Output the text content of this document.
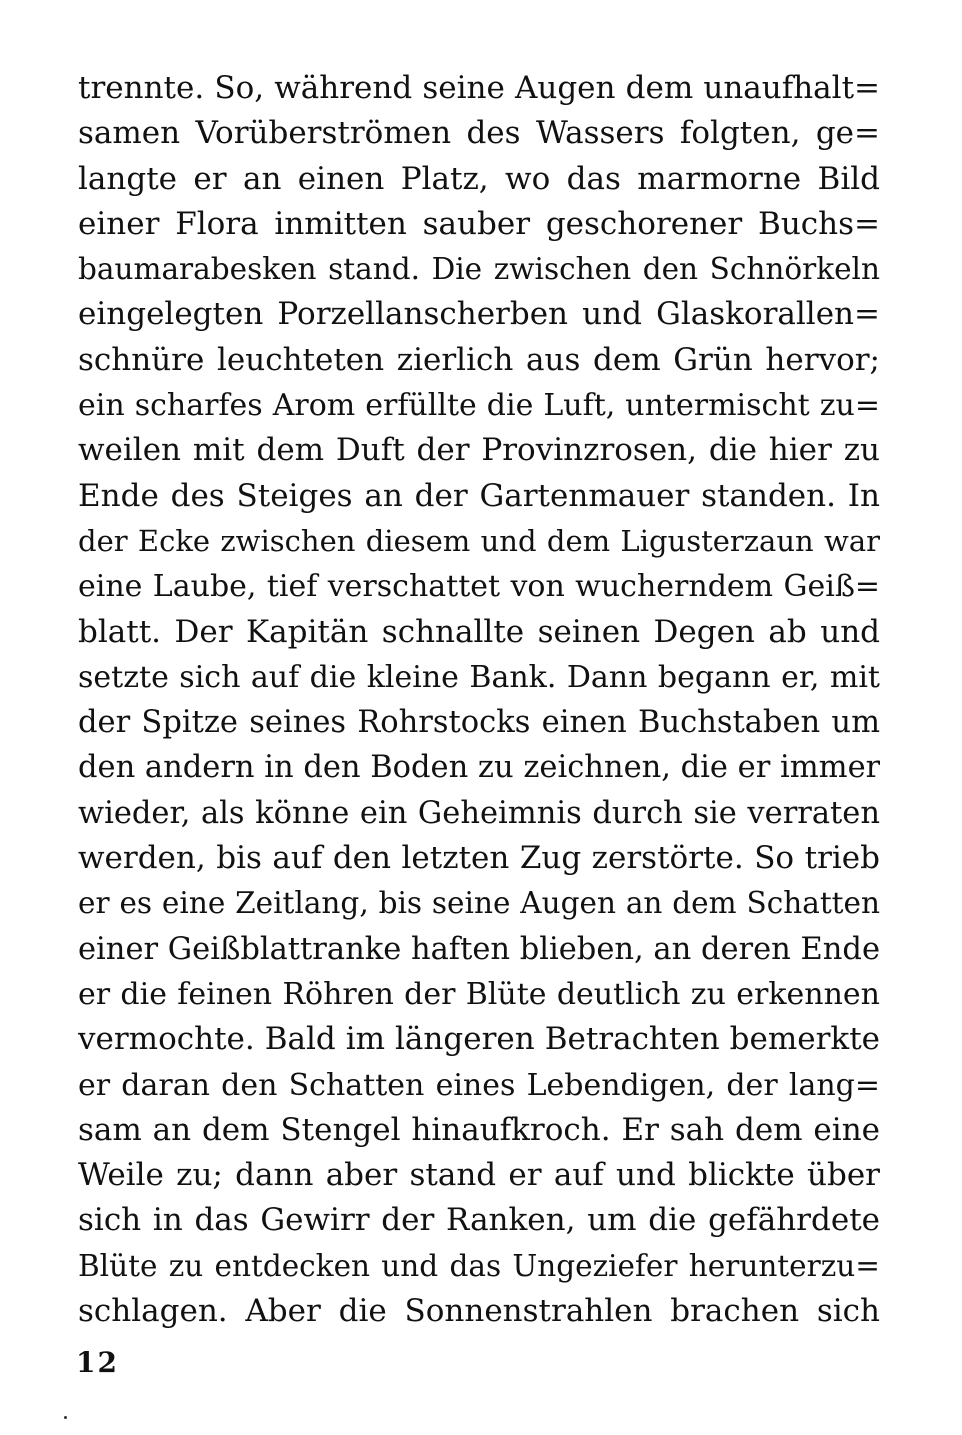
trennte. So, während seine Augen dem unaufhalt=
samen Vorüberströmen des Wassers folgten, ge=
langte er an einen Platz, wo das marmorne Bild
einer Flora inmitten sauber geschorener Buchs=
baumarabesken stand. Die zwischen den Schnörkeln
eingelegten Porzellanscherben und Glaskorallen=
schnüre leuchteten zierlich aus dem Grün hervor;
ein scharfes Arom erfüllte die Luft, untermischt zu=
weilen mit dem Duft der Provinzrosen, die hier zu
Ende des Steiges an der Gartenmauer standen. In
der Ecke zwischen diesem und dem Ligusterzaun war
eine Laube, tief verschattet von wucherndem Geiß=
blatt. Der Kapitän schnallte seinen Degen ab und
setzte sich auf die kleine Bank. Dann begann er, mit
der Spitze seines Rohrstocks einen Buchstaben um
den andern in den Boden zu zeichnen, die er immer
wieder, als könne ein Geheimnis durch sie verraten
werden, bis auf den letzten Zug zerstörte. So trieb
er es eine Zeitlang, bis seine Augen an dem Schatten
einer Geißblattranke haften blieben, an deren Ende
er die feinen Röhren der Blüte deutlich zu erkennen
vermochte. Bald im längeren Betrachten bemerkte
er daran den Schatten eines Lebendigen, der lang=
sam an dem Stengel hinaufkroch. Er sah dem eine
Weile zu; dann aber stand er auf und blickte über
sich in das Gewirr der Ranken, um die gefährdete
Blüte zu entdecken und das Ungeziefer herunterzu=
schlagen. Aber die Sonnenstrahlen brachen sich
12
